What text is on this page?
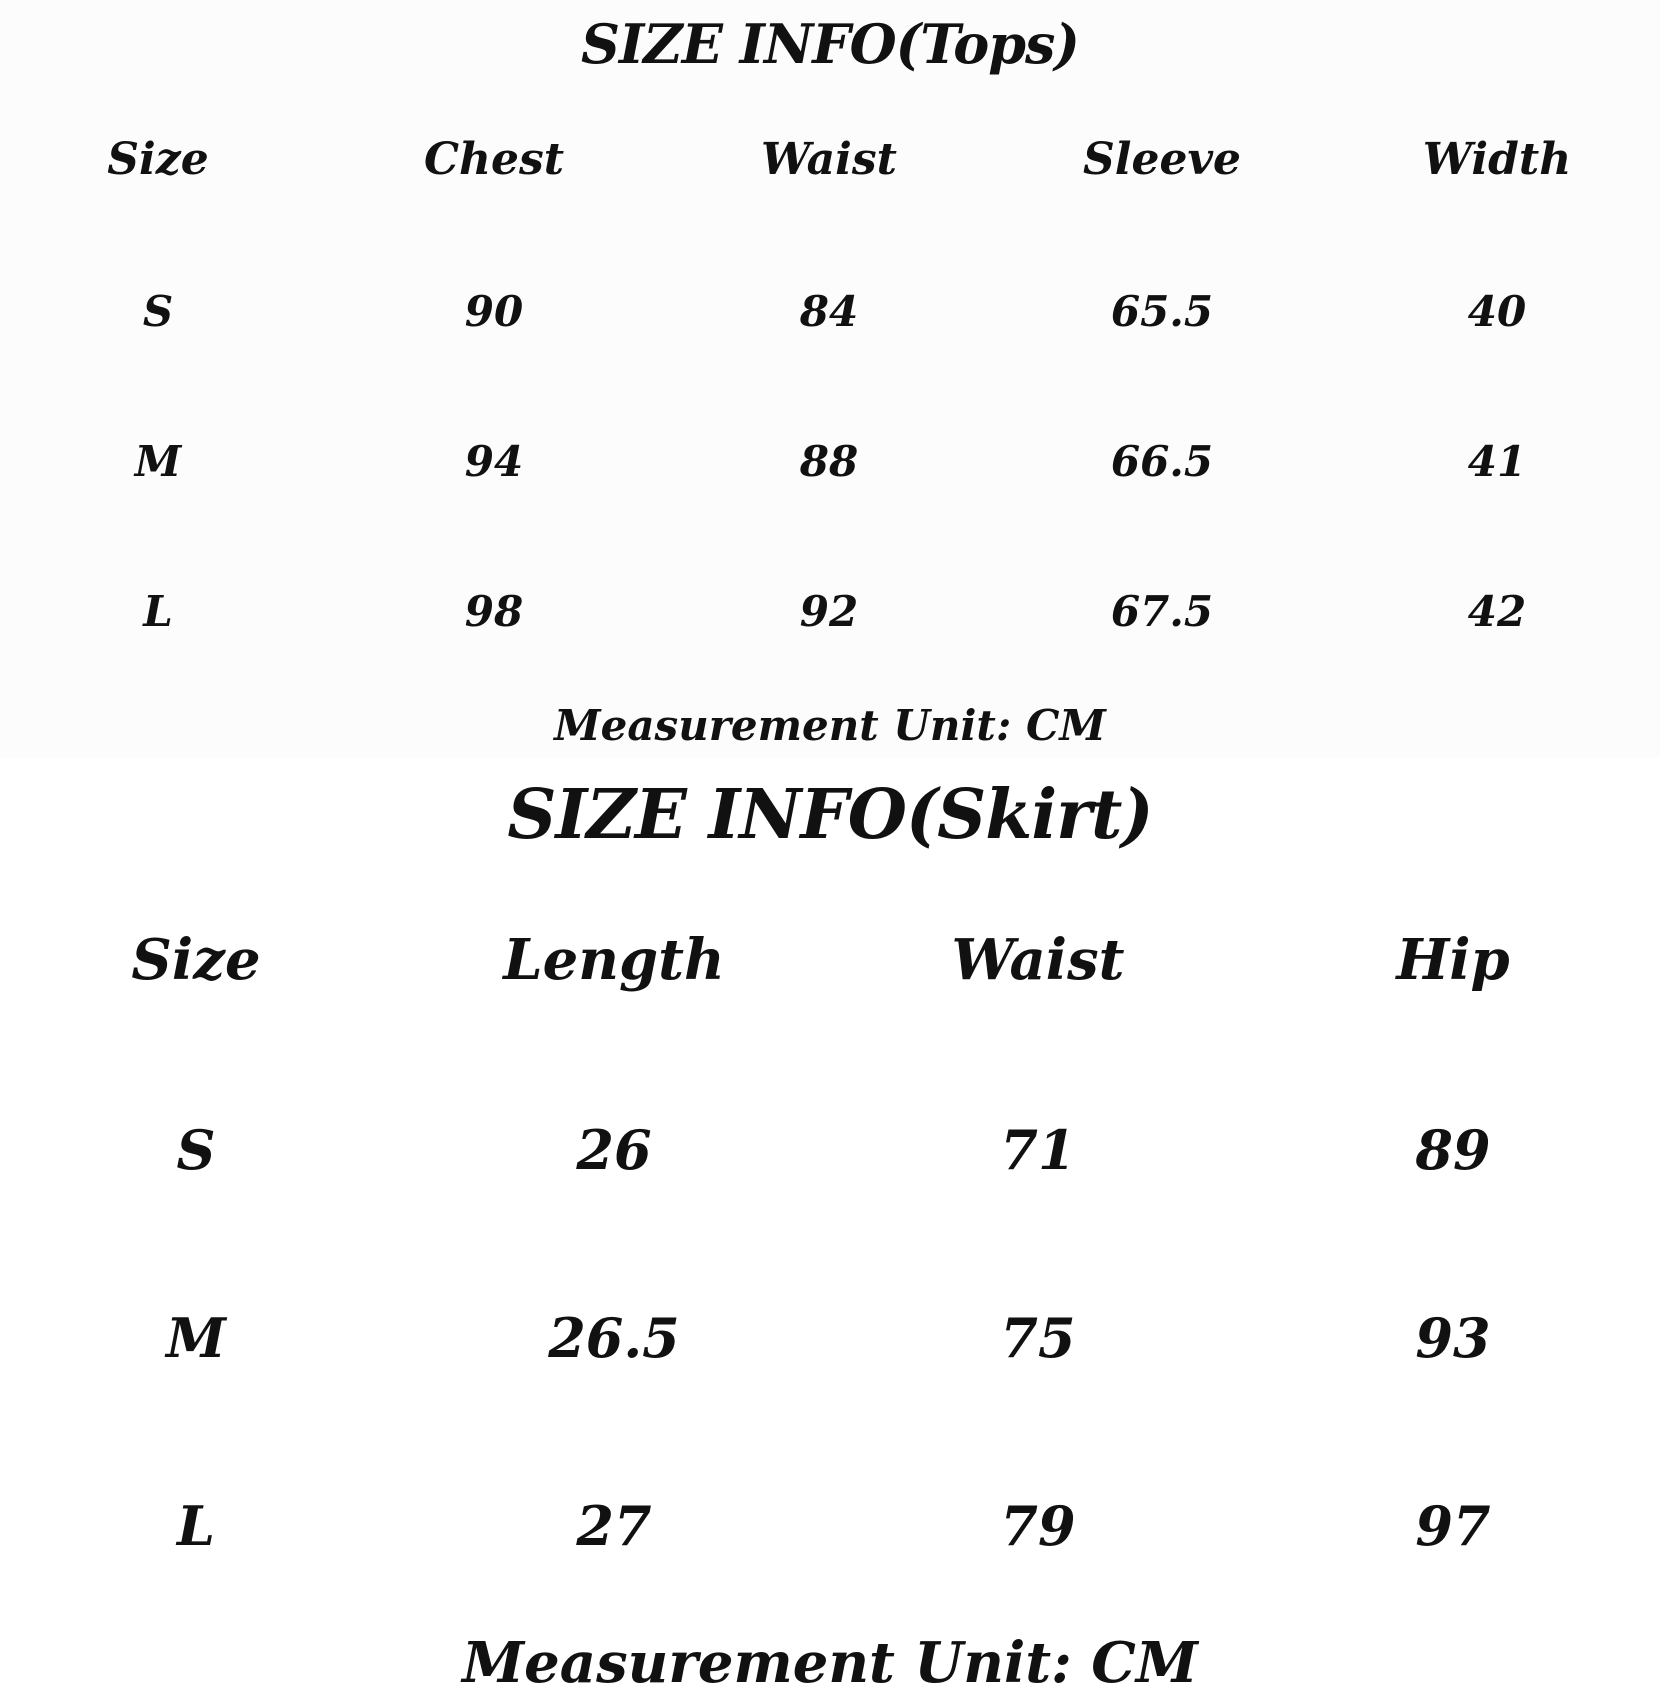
SIZE INFO(Tops)
Size	Chest	Waist	Sleeve	Width
S	90	84	65.5	40
M	94	88	66.5	41
L	98	92	67.5	42
Measurement Unit: CM
SIZE INFO(Skirt)
Size	Length	Waist	Hip
S	26	71	89
M	26.5	75	93
L	27	79	97
Measurement Unit: CM
